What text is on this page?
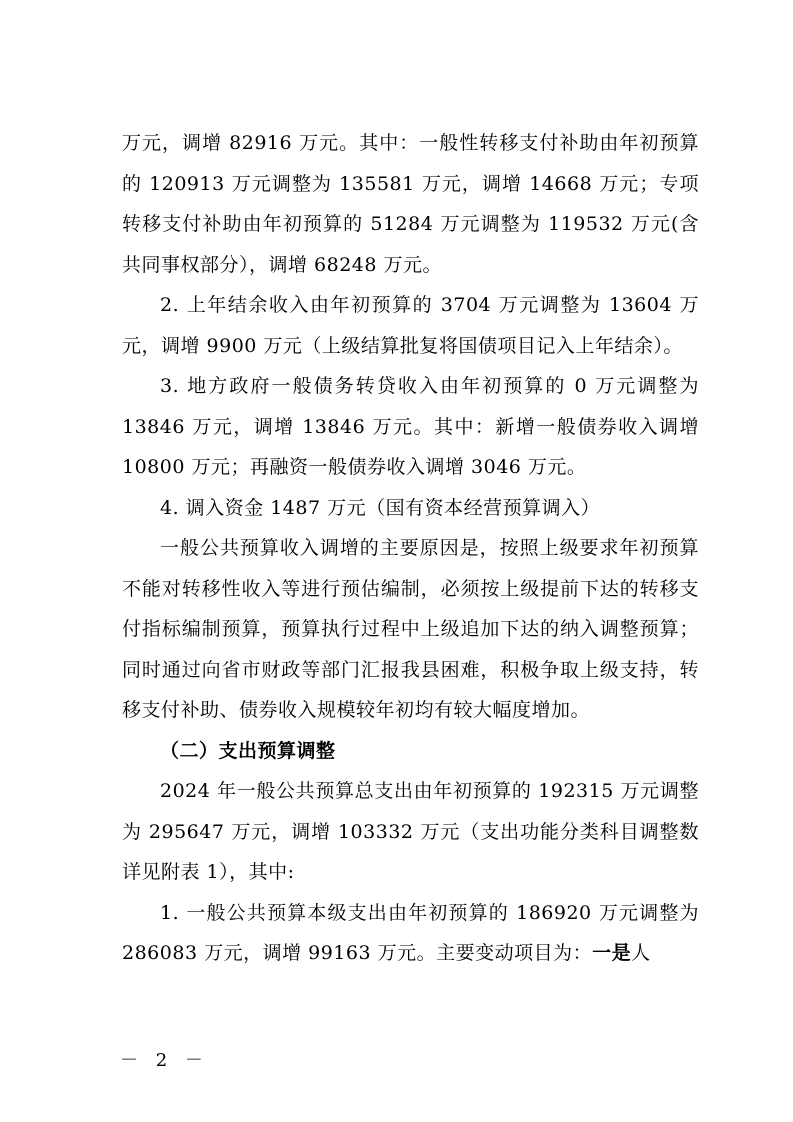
万元，调增 82916 万元。其中：一般性转移支付补助由年初预算的 120913 万元调整为 135581 万元，调增 14668 万元；专项转移支付补助由年初预算的 51284 万元调整为 119532 万元(含共同事权部分），调增 68248 万元。

2. 上年结余收入由年初预算的 3704 万元调整为 13604 万元，调增 9900 万元（上级结算批复将国债项目记入上年结余）。

3. 地方政府一般债务转贷收入由年初预算的 0 万元调整为 13846 万元，调增 13846 万元。其中：新增一般债券收入调增 10800 万元；再融资一般债券收入调增 3046 万元。

4. 调入资金 1487 万元（国有资本经营预算调入）

一般公共预算收入调增的主要原因是，按照上级要求年初预算不能对转移性收入等进行预估编制，必须按上级提前下达的转移支付指标编制预算，预算执行过程中上级追加下达的纳入调整预算；同时通过向省市财政等部门汇报我县困难，积极争取上级支持，转移支付补助、债券收入规模较年初均有较大幅度增加。

（二）支出预算调整

2024 年一般公共预算总支出由年初预算的 192315 万元调整为 295647 万元，调增 103332 万元（支出功能分类科目调整数详见附表 1），其中:

1. 一般公共预算本级支出由年初预算的 186920 万元调整为 286083 万元，调增 99163 万元。主要变动项目为：一是人

－ 2 －
